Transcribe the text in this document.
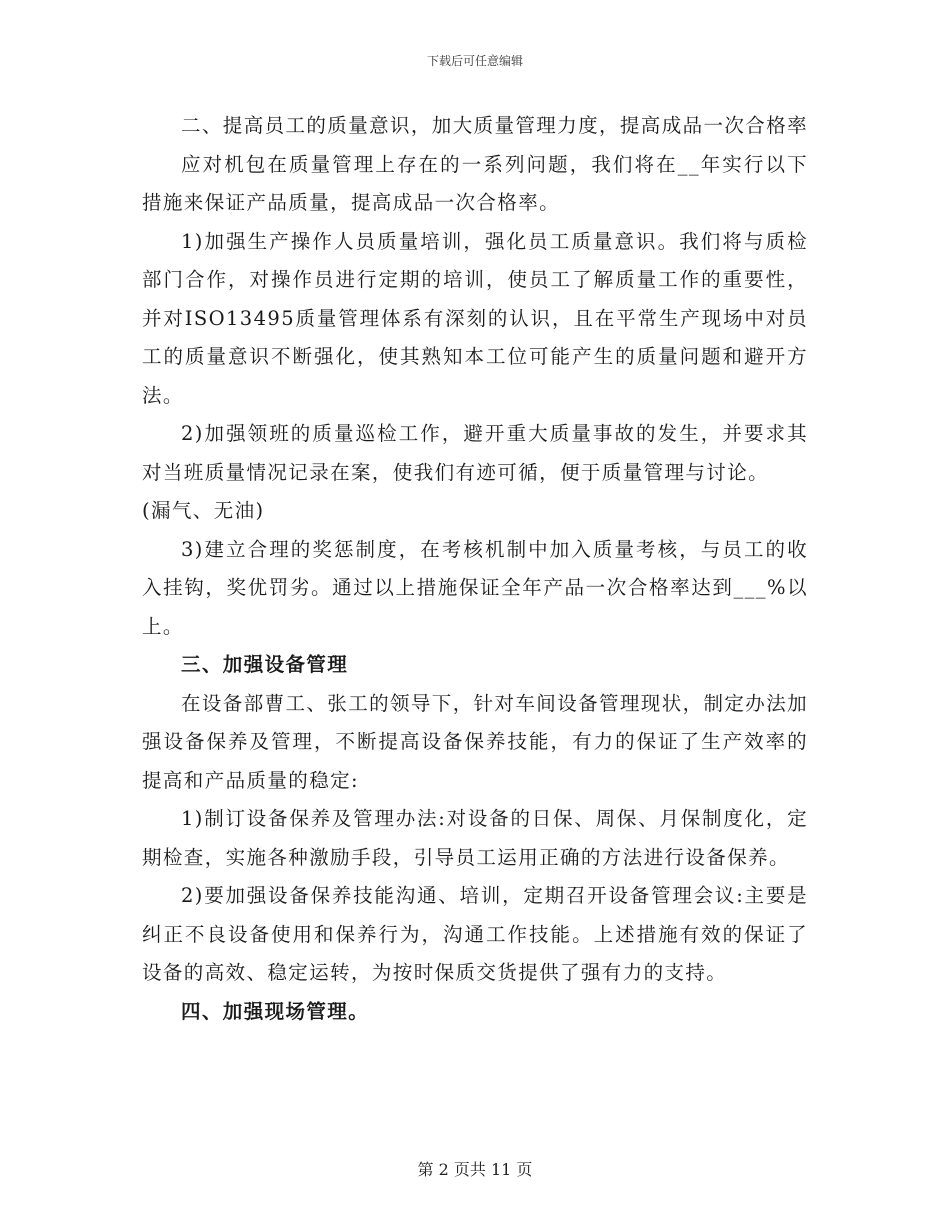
下载后可任意编辑

二、提高员工的质量意识，加大质量管理力度，提高成品一次合格率

应对机包在质量管理上存在的一系列问题，我们将在__年实行以下措施来保证产品质量，提高成品一次合格率。

1)加强生产操作人员质量培训，强化员工质量意识。我们将与质检部门合作，对操作员进行定期的培训，使员工了解质量工作的重要性，并对ISO13495质量管理体系有深刻的认识，且在平常生产现场中对员工的质量意识不断强化，使其熟知本工位可能产生的质量问题和避开方法。

2)加强领班的质量巡检工作，避开重大质量事故的发生，并要求其对当班质量情况记录在案，使我们有迹可循，便于质量管理与讨论。

(漏气、无油)

3)建立合理的奖惩制度，在考核机制中加入质量考核，与员工的收入挂钩，奖优罚劣。通过以上措施保证全年产品一次合格率达到___%以上。

三、加强设备管理

在设备部曹工、张工的领导下，针对车间设备管理现状，制定办法加强设备保养及管理，不断提高设备保养技能，有力的保证了生产效率的提高和产品质量的稳定:

1)制订设备保养及管理办法:对设备的日保、周保、月保制度化，定期检查，实施各种激励手段，引导员工运用正确的方法进行设备保养。

2)要加强设备保养技能沟通、培训，定期召开设备管理会议:主要是纠正不良设备使用和保养行为，沟通工作技能。上述措施有效的保证了设备的高效、稳定运转，为按时保质交货提供了强有力的支持。

四、加强现场管理。

第 2 页共 11 页
